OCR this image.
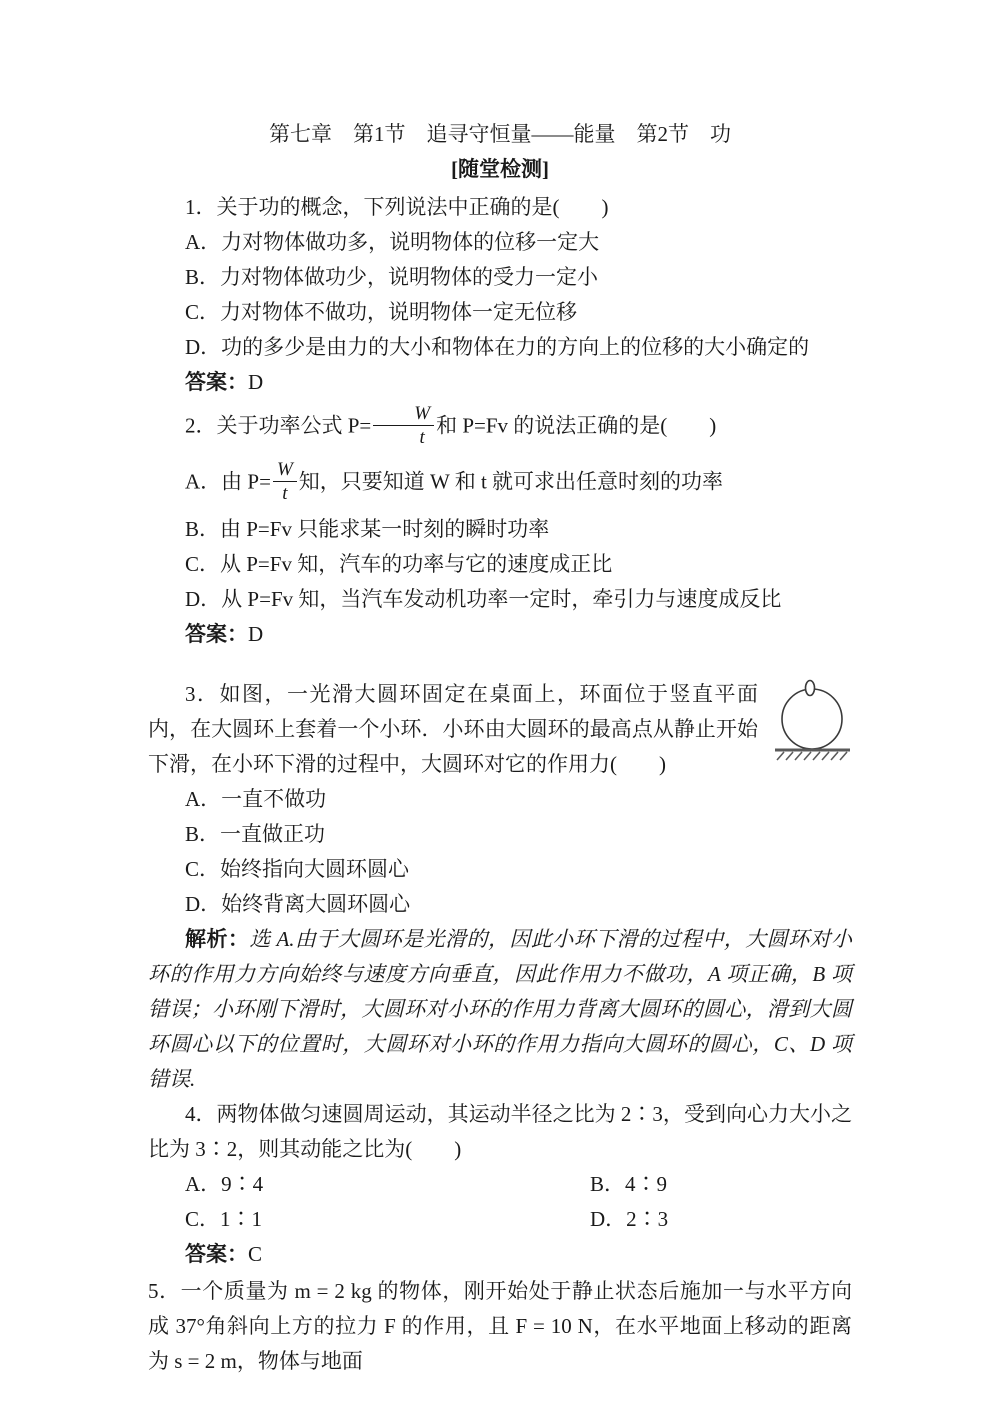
第七章　第1节　追寻守恒量——能量　第2节　功
[随堂检测]
1．关于功的概念，下列说法中正确的是(　　)
A．力对物体做功多，说明物体的位移一定大
B．力对物体做功少，说明物体的受力一定小
C．力对物体不做功，说明物体一定无位移
D．功的多少是由力的大小和物体在力的方向上的位移的大小确定的
答案：D
2．关于功率公式 $P= \frac{W}{t}$ 和 P=Fv 的说法正确的是(　　)
A．由 $P= \frac{W}{t}$ 知，只要知道 W 和 t 就可求出任意时刻的功率
B．由 P=Fv 只能求某一时刻的瞬时功率
C．从 P=Fv 知，汽车的功率与它的速度成正比
D．从 P=Fv 知，当汽车发动机功率一定时，牵引力与速度成反比
答案：D
3．如图，一光滑大圆环固定在桌面上，环面位于竖直平面内，在大圆环上套着一个小环．小环由大圆环的最高点从静止开始下滑，在小环下滑的过程中，大圆环对它的作用力(　　)
A．一直不做功
B．一直做正功
C．始终指向大圆环圆心
D．始终背离大圆环圆心
解析：选 A.由于大圆环是光滑的，因此小环下滑的过程中，大圆环对小环的作用力方向始终与速度方向垂直，因此作用力不做功，A 项正确，B 项错误；小环刚下滑时，大圆环对小环的作用力背离大圆环的圆心，滑到大圆环圆心以下的位置时，大圆环对小环的作用力指向大圆环的圆心，C、D 项错误.
4．两物体做匀速圆周运动，其运动半径之比为 2∶3，受到向心力大小之比为 3∶2，则其动能之比为(　　)
A．9∶4	B．4∶9
C．1∶1	D．2∶3
答案：C
5．一个质量为 m = 2 kg 的物体，刚开始处于静止状态后施加一与水平方向成 37°角斜向上方的拉力 F 的作用，且 F = 10 N，在水平地面上移动的距离为 s = 2 m，物体与地面
